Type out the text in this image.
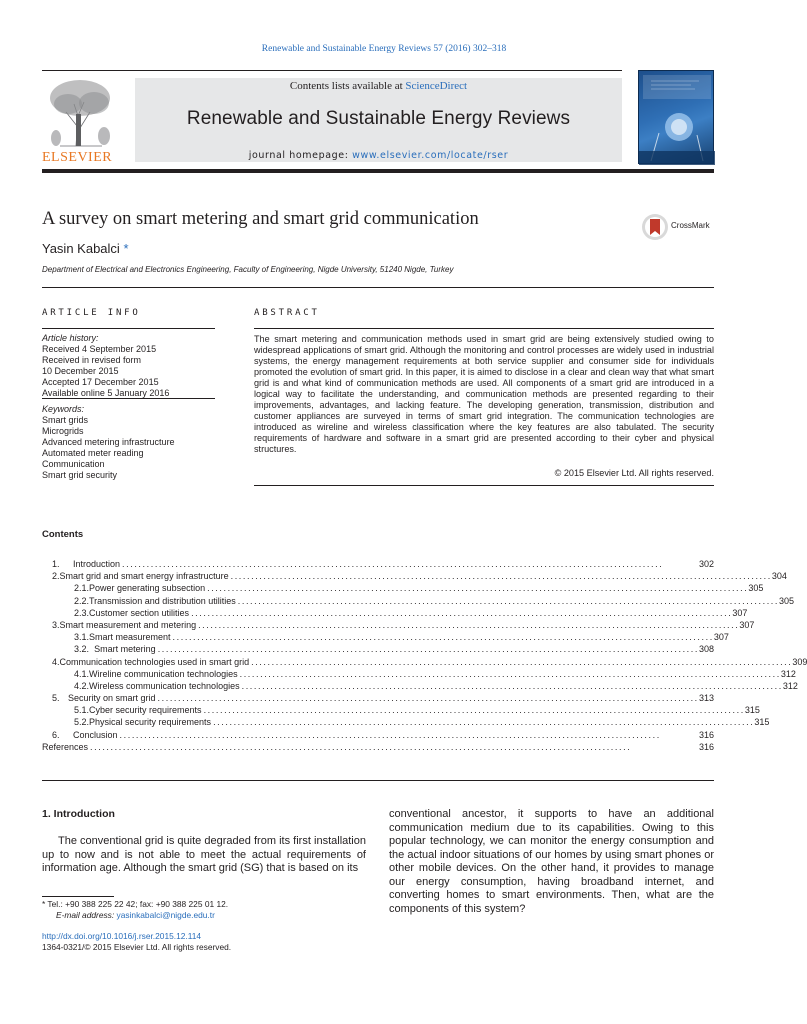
Renewable and Sustainable Energy Reviews 57 (2016) 302–318
ELSEVIER
Contents lists available at ScienceDirect
Renewable and Sustainable Energy Reviews
journal homepage: www.elsevier.com/locate/rser
A survey on smart metering and smart grid communication	CrossMark
Yasin Kabalci *
Department of Electrical and Electronics Engineering, Faculty of Engineering, Nigde University, 51240 Nigde, Turkey
ARTICLE INFO	ABSTRACT
Article history:
Received 4 September 2015
Received in revised form
10 December 2015
Accepted 17 December 2015
Available online 5 January 2016
Keywords:
Smart grids
Microgrids
Advanced metering infrastructure
Automated meter reading
Communication
Smart grid security
The smart metering and communication methods used in smart grid are being extensively studied owing to widespread applications of smart grid. Although the monitoring and control processes are widely used in industrial systems, the energy management requirements at both service supplier and consumer side for individuals promoted the evolution of smart grid. In this paper, it is aimed to disclose in a clear and clean way that what smart grid is and what kind of communication methods are used. All components of a smart grid are introduced in a logical way to facilitate the understanding, and communication methods are presented regarding to their improvements, advantages, and lacking feature. The developing generation, transmission, distribution and customer appliances are surveyed in terms of smart grid integration. The communication technologies are introduced as wireline and wireless classification where the key features are also tabulated. The security requirements of hardware and software in a smart grid are presented according to their cyber and physical structures.
© 2015 Elsevier Ltd. All rights reserved.
Contents
1.	Introduction ....................................................................................................................................	302
2. Smart grid and smart energy infrastructure .................................................................................................................................... 304
2.1. Power generating subsection .................................................................................................................................... 305
2.2. Transmission and distribution utilities .................................................................................................................................... 305
2.3. Customer section utilities .................................................................................................................................... 307
3. Smart measurement and metering .................................................................................................................................... 307
3.1. Smart measurement .................................................................................................................................... 307
3.2. Smart metering .................................................................................................................................... 308
4. Communication technologies used in smart grid .................................................................................................................................... 309
4.1. Wireline communication technologies .................................................................................................................................... 312
4.2. Wireless communication technologies .................................................................................................................................... 312
5. Security on smart grid .................................................................................................................................... 313
5.1. Cyber security requirements .................................................................................................................................... 315
5.2. Physical security requirements .................................................................................................................................... 315
6.	Conclusion ....................................................................................................................................	316
References ....................................................................................................................................	316
1. Introduction
The conventional grid is quite degraded from its first installation up to now and is not able to meet the actual requirements of information age. Although the smart grid (SG) that is based on its
conventional ancestor, it supports to have an additional communication medium due to its capabilities. Owing to this popular technology, we can monitor the energy consumption and the actual indoor situations of our homes by using smart phones or other mobile devices. On the other hand, it provides to manage our energy consumption, having broadband internet, and converting homes to smart environments. Then, what are the components of this system?
* Tel.: +90 388 225 22 42; fax: +90 388 225 01 12.
E-mail address: yasinkabalci@nigde.edu.tr
http://dx.doi.org/10.1016/j.rser.2015.12.114
1364-0321/© 2015 Elsevier Ltd. All rights reserved.
